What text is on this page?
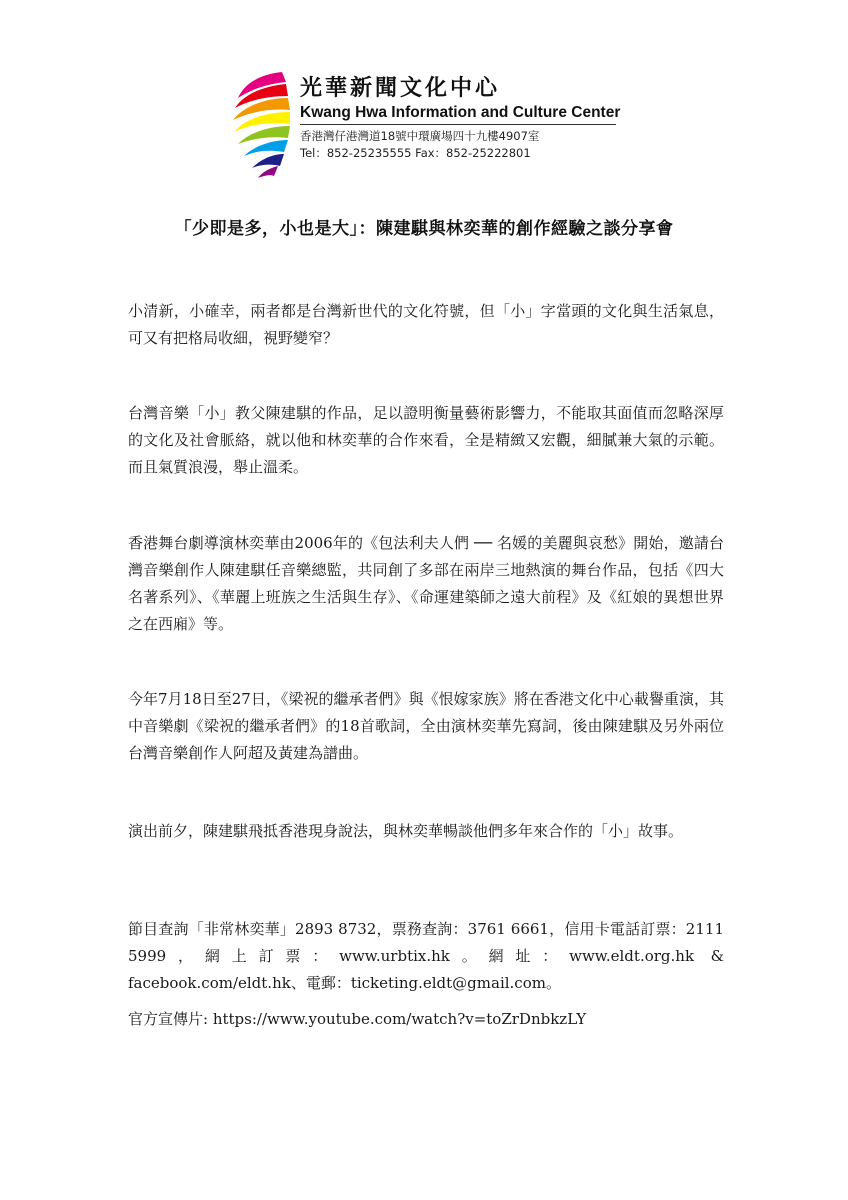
光華新聞文化中心
Kwang Hwa Information and Culture Center
香港灣仔港灣道18號中環廣場四十九樓4907室
Tel：852-25235555 Fax：852-25222801
「少即是多，小也是大」：陳建騏與林奕華的創作經驗之談分享會
小清新，小確幸，兩者都是台灣新世代的文化符號，但「小」字當頭的文化與生活氣息，可又有把格局收細，視野變窄？
台灣音樂「小」教父陳建騏的作品，足以證明衡量藝術影響力，不能取其面值而忽略深厚的文化及社會脈絡，就以他和林奕華的合作來看，全是精緻又宏觀，細膩兼大氣的示範。而且氣質浪漫，舉止溫柔。
香港舞台劇導演林奕華由2006年的《包法利夫人們 ── 名媛的美麗與哀愁》開始，邀請台灣音樂創作人陳建騏任音樂總監，共同創了多部在兩岸三地熱演的舞台作品，包括《四大名著系列》、《華麗上班族之生活與生存》、《命運建築師之遠大前程》及《紅娘的異想世界之在西廂》等。
今年7月18日至27日，《梁祝的繼承者們》與《恨嫁家族》將在香港文化中心載譽重演，其中音樂劇《梁祝的繼承者們》的18首歌詞，全由演林奕華先寫詞，後由陳建騏及另外兩位台灣音樂創作人阿超及黃建為譜曲。
演出前夕，陳建騏飛抵香港現身說法，與林奕華暢談他們多年來合作的「小」故事。
節目查詢「非常林奕華」2893 8732，票務查詢：3761 6661，信用卡電話訂票：2111 5999，網上訂票：www.urbtix.hk。網址：www.eldt.org.hk & facebook.com/eldt.hk、電郵：ticketing.eldt@gmail.com。
官方宣傳片: https://www.youtube.com/watch?v=toZrDnbkzLY
